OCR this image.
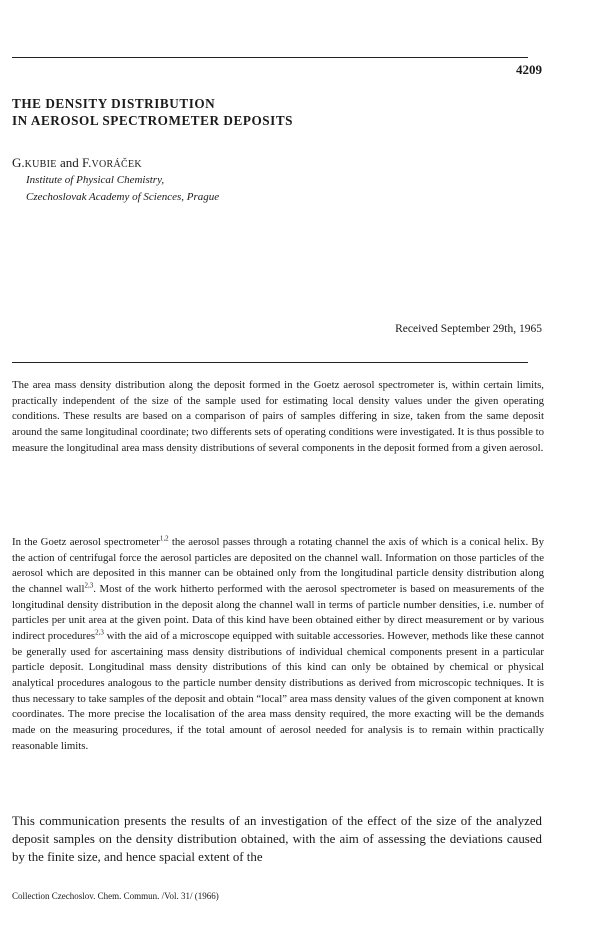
4209
THE DENSITY DISTRIBUTION
IN AEROSOL SPECTROMETER DEPOSITS
G.KUBIE and F.VORÁČEK
Institute of Physical Chemistry,
Czechoslovak Academy of Sciences, Prague
Received September 29th, 1965
The area mass density distribution along the deposit formed in the Goetz aerosol spectrometer is, within certain limits, practically independent of the size of the sample used for estimating local density values under the given operating conditions. These results are based on a comparison of pairs of samples differing in size, taken from the same deposit around the same longitudinal coordinate; two differents sets of operating conditions were investigated. It is thus possible to measure the longitudinal area mass density distributions of several components in the deposit formed from a given aerosol.
In the Goetz aerosol spectrometer$^{1,2}$ the aerosol passes through a rotating channel the axis of which is a conical helix. By the action of centrifugal force the aerosol particles are deposited on the channel wall. Information on those particles of the aerosol which are deposited in this manner can be obtained only from the longitudinal particle density distribution along the channel wall$^{2,3}$. Most of the work hitherto performed with the aerosol spectrometer is based on measurements of the longitudinal density distribution in the deposit along the channel wall in terms of particle number densities, i.e. number of particles per unit area at the given point. Data of this kind have been obtained either by direct measurement or by various indirect procedures$^{2,3}$ with the aid of a microscope equipped with suitable accessories. However, methods like these cannot be generally used for ascertaining mass density distributions of individual chemical components present in a particular particle deposit. Longitudinal mass density distributions of this kind can only be obtained by chemical or physical analytical procedures analogous to the particle number density distributions as derived from microscopic techniques. It is thus necessary to take samples of the deposit and obtain “local” area mass density values of the given component at known coordinates. The more precise the localisation of the area mass density required, the more exacting will be the demands made on the measuring procedures, if the total amount of aerosol needed for analysis is to remain within practically reasonable limits.
This communication presents the results of an investigation of the effect of the size of the analyzed deposit samples on the density distribution obtained, with the aim of assessing the deviations caused by the finite size, and hence spacial extent of the
Collection Czechoslov. Chem. Commun. /Vol. 31/ (1966)
